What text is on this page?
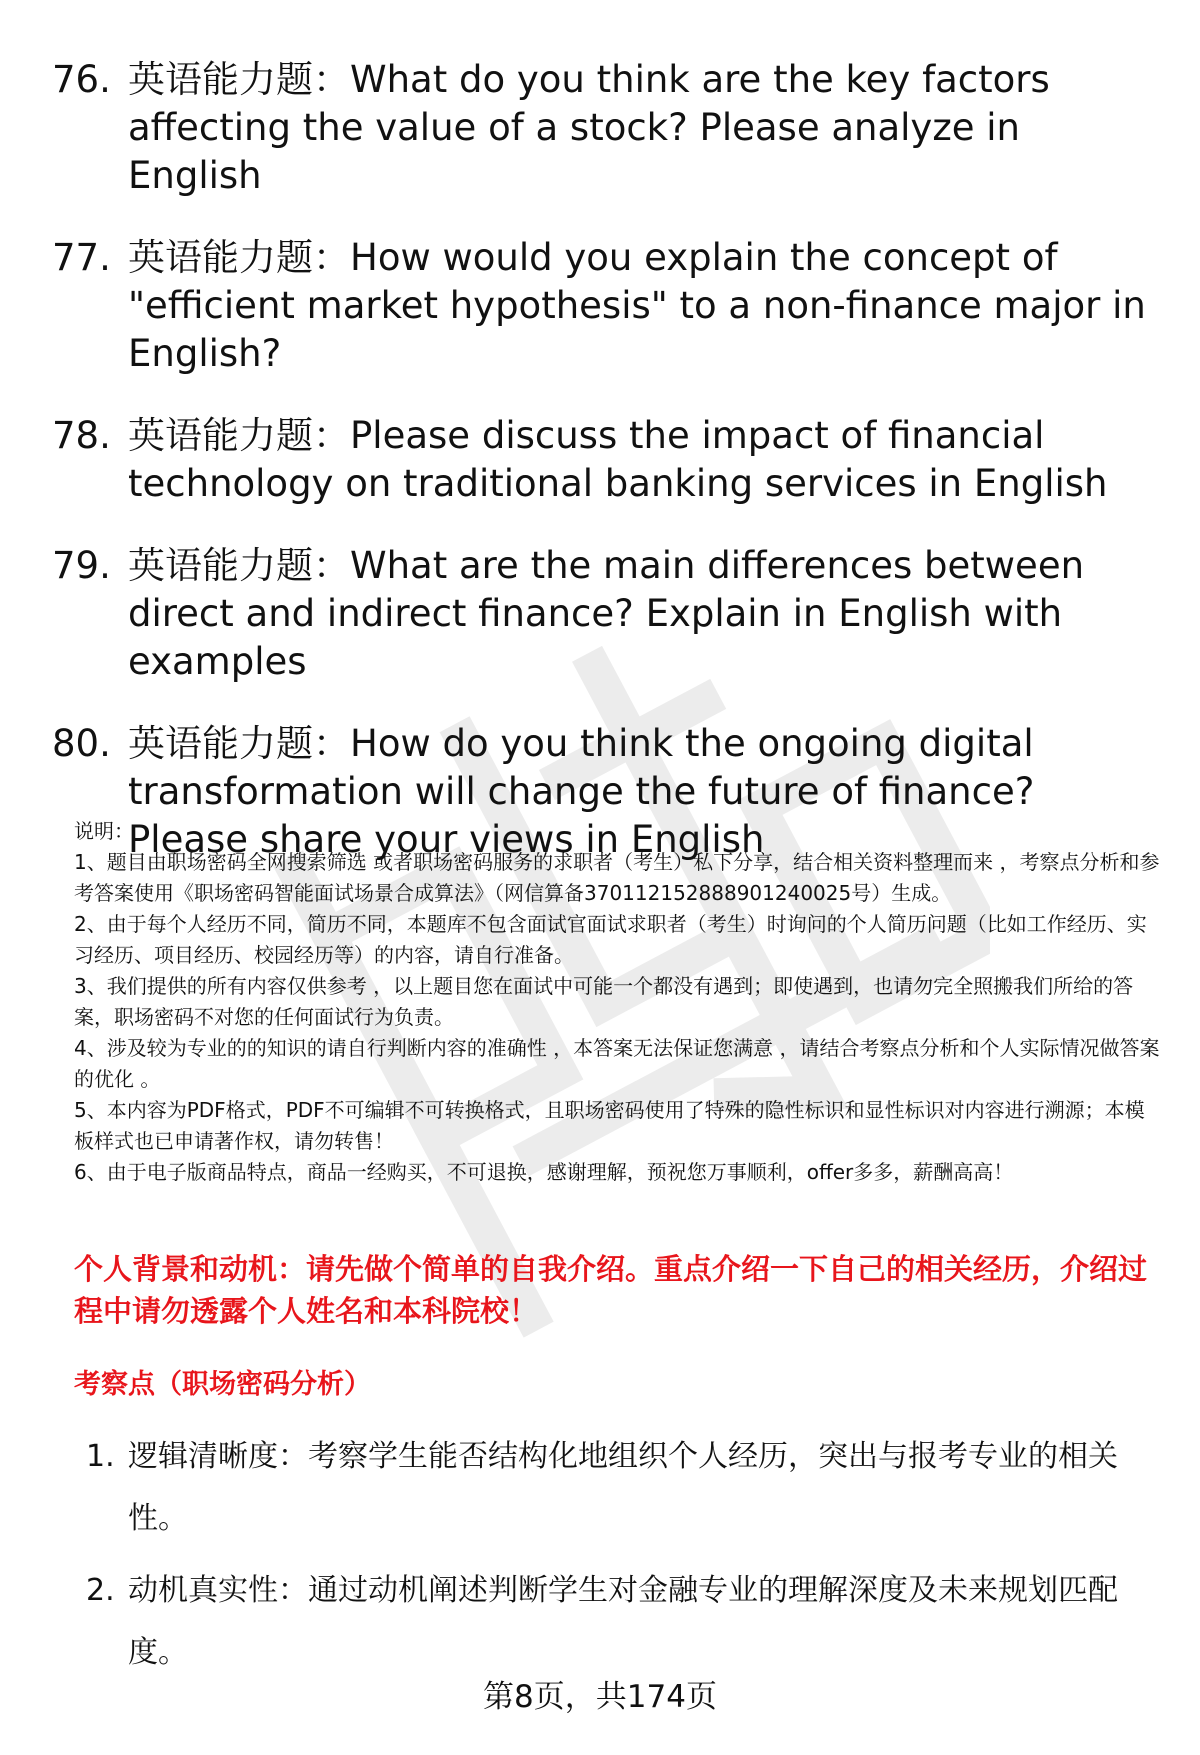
76. 英语能力题：What do you think are the key factors affecting the value of a stock? Please analyze in English
77. 英语能力题：How would you explain the concept of "efficient market hypothesis" to a non-finance major in English?
78. 英语能力题：Please discuss the impact of financial technology on traditional banking services in English
79. 英语能力题：What are the main differences between direct and indirect finance? Explain in English with examples
80. 英语能力题：How do you think the ongoing digital transformation will change the future of finance? Please share your views in English

说明：

1、题目由职场密码全网搜索筛选 或者职场密码服务的求职者（考生）私下分享，结合相关资料整理而来 ，考察点分析和参考答案使用《职场密码智能面试场景合成算法》（网信算备370112152888901240025号）生成。

2、由于每个人经历不同，简历不同，本题库不包含面试官面试求职者（考生）时询问的个人简历问题（比如工作经历、实习经历、项目经历、校园经历等）的内容，请自行准备。

3、我们提供的所有内容仅供参考 ，以上题目您在面试中可能一个都没有遇到；即使遇到，也请勿完全照搬我们所给的答案，职场密码不对您的任何面试行为负责。

4、涉及较为专业的的知识的请自行判断内容的准确性 ，本答案无法保证您满意 ，请结合考察点分析和个人实际情况做答案的优化 。

5、本内容为PDF格式，PDF不可编辑不可转换格式，且职场密码使用了特殊的隐性标识和显性标识对内容进行溯源；本模板样式也已申请著作权，请勿转售！

6、由于电子版商品特点，商品一经购买，不可退换，感谢理解，预祝您万事顺利，offer多多，薪酬高高！

个人背景和动机：请先做个简单的自我介绍。重点介绍一下自己的相关经历，介绍过程中请勿透露个人姓名和本科院校！

考察点（职场密码分析）

1. 逻辑清晰度：考察学生能否结构化地组织个人经历，突出与报考专业的相关性。
2. 动机真实性：通过动机阐述判断学生对金融专业的理解深度及未来规划匹配度。
第8页，共174页
